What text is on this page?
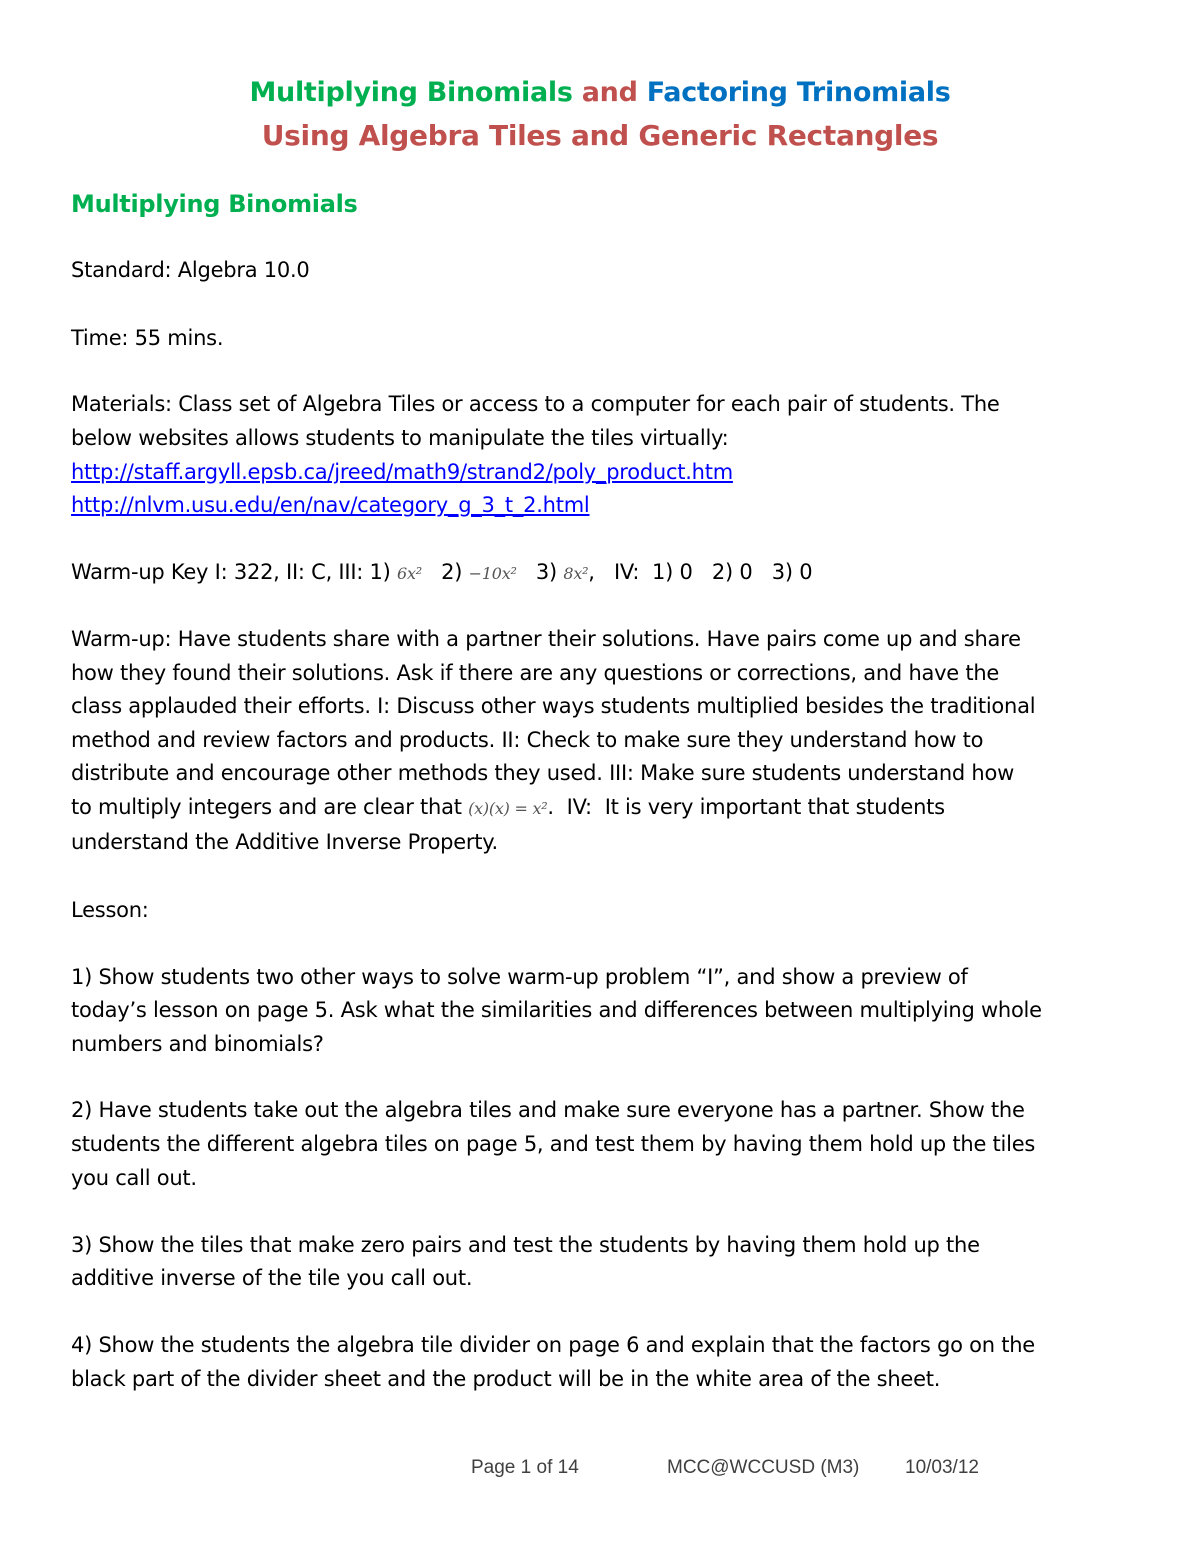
Multiplying Binomials and Factoring Trinomials
Using Algebra Tiles and Generic Rectangles
Multiplying Binomials
Standard: Algebra 10.0
Time: 55 mins.
Materials: Class set of Algebra Tiles or access to a computer for each pair of students. The
below websites allows students to manipulate the tiles virtually:
http://staff.argyll.epsb.ca/jreed/math9/strand2/poly_product.htm
http://nlvm.usu.edu/en/nav/category_g_3_t_2.html
Warm-up Key I: 322, II: C, III: 1) 6x²   2) −10x²   3) 8x²,   IV:  1) 0   2) 0   3) 0
Warm-up: Have students share with a partner their solutions. Have pairs come up and share
how they found their solutions. Ask if there are any questions or corrections, and have the
class applauded their efforts. I: Discuss other ways students multiplied besides the traditional
method and review factors and products. II: Check to make sure they understand how to
distribute and encourage other methods they used. III: Make sure students understand how
to multiply integers and are clear that (x)(x) = x².  IV:  It is very important that students
understand the Additive Inverse Property.
Lesson:
1) Show students two other ways to solve warm-up problem “I”, and show a preview of
today’s lesson on page 5. Ask what the similarities and differences between multiplying whole
numbers and binomials?
2) Have students take out the algebra tiles and make sure everyone has a partner. Show the
students the different algebra tiles on page 5, and test them by having them hold up the tiles
you call out.
3) Show the tiles that make zero pairs and test the students by having them hold up the
additive inverse of the tile you call out.
4) Show the students the algebra tile divider on page 6 and explain that the factors go on the
black part of the divider sheet and the product will be in the white area of the sheet.
Page 1 of 14	MCC@WCCUSD (M3) 10/03/12
